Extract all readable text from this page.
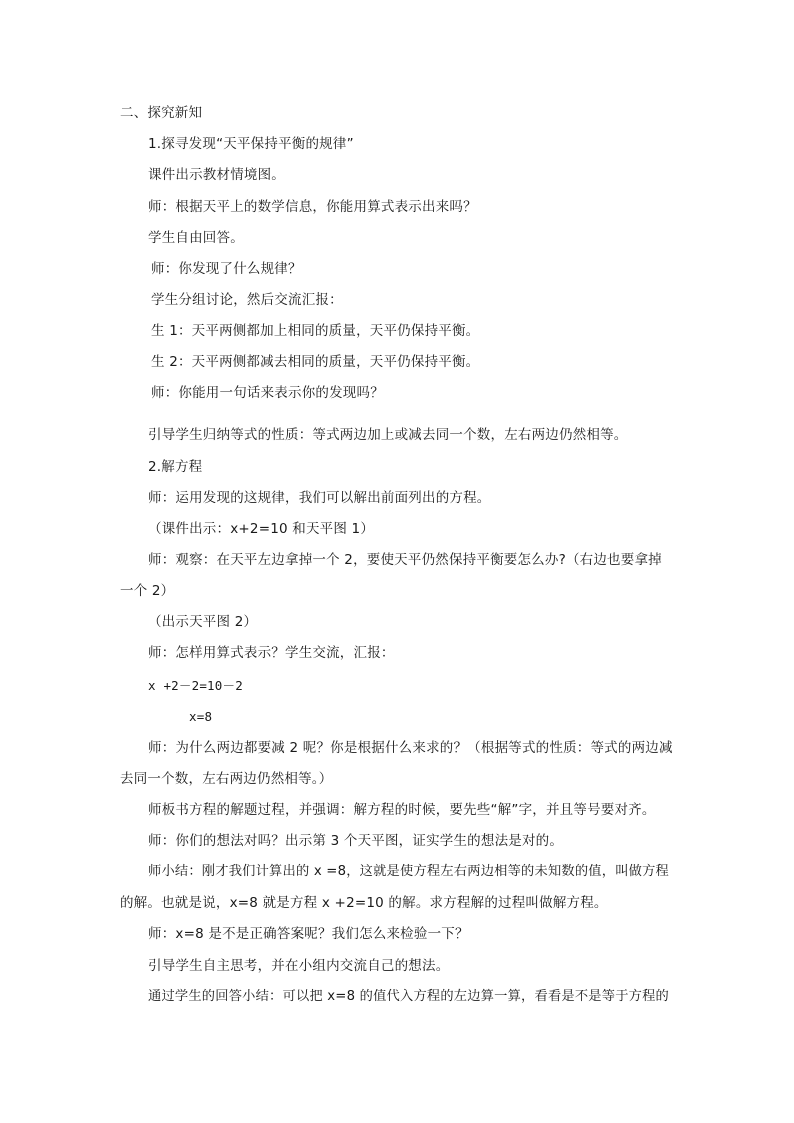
二、探究新知
1.探寻发现“天平保持平衡的规律”
课件出示教材情境图。
师：根据天平上的数学信息，你能用算式表示出来吗？
学生自由回答。
师：你发现了什么规律？
学生分组讨论，然后交流汇报：
生 1：天平两侧都加上相同的质量，天平仍保持平衡。
生 2：天平两侧都减去相同的质量，天平仍保持平衡。
师：你能用一句话来表示你的发现吗？
引导学生归纳等式的性质：等式两边加上或减去同一个数，左右两边仍然相等。
2.解方程
师：运用发现的这规律，我们可以解出前面列出的方程。
（课件出示：x+2=10 和天平图 1）
师：观察：在天平左边拿掉一个 2，要使天平仍然保持平衡要怎么办?（右边也要拿掉
一个 2）
（出示天平图 2）
师：怎样用算式表示？学生交流，汇报：
x +2－2=10－2
x=8
师：为什么两边都要减 2 呢？你是根据什么来求的？（根据等式的性质：等式的两边减
去同一个数，左右两边仍然相等。）
师板书方程的解题过程，并强调：解方程的时候，要先些“解”字，并且等号要对齐。
师：你们的想法对吗？出示第 3 个天平图，证实学生的想法是对的。
师小结：刚才我们计算出的 x =8，这就是使方程左右两边相等的未知数的值，叫做方程
的解。也就是说，x=8 就是方程 x +2=10 的解。求方程解的过程叫做解方程。
师：x=8 是不是正确答案呢？我们怎么来检验一下？
引导学生自主思考，并在小组内交流自己的想法。
通过学生的回答小结：可以把 x=8 的值代入方程的左边算一算，看看是不是等于方程的
